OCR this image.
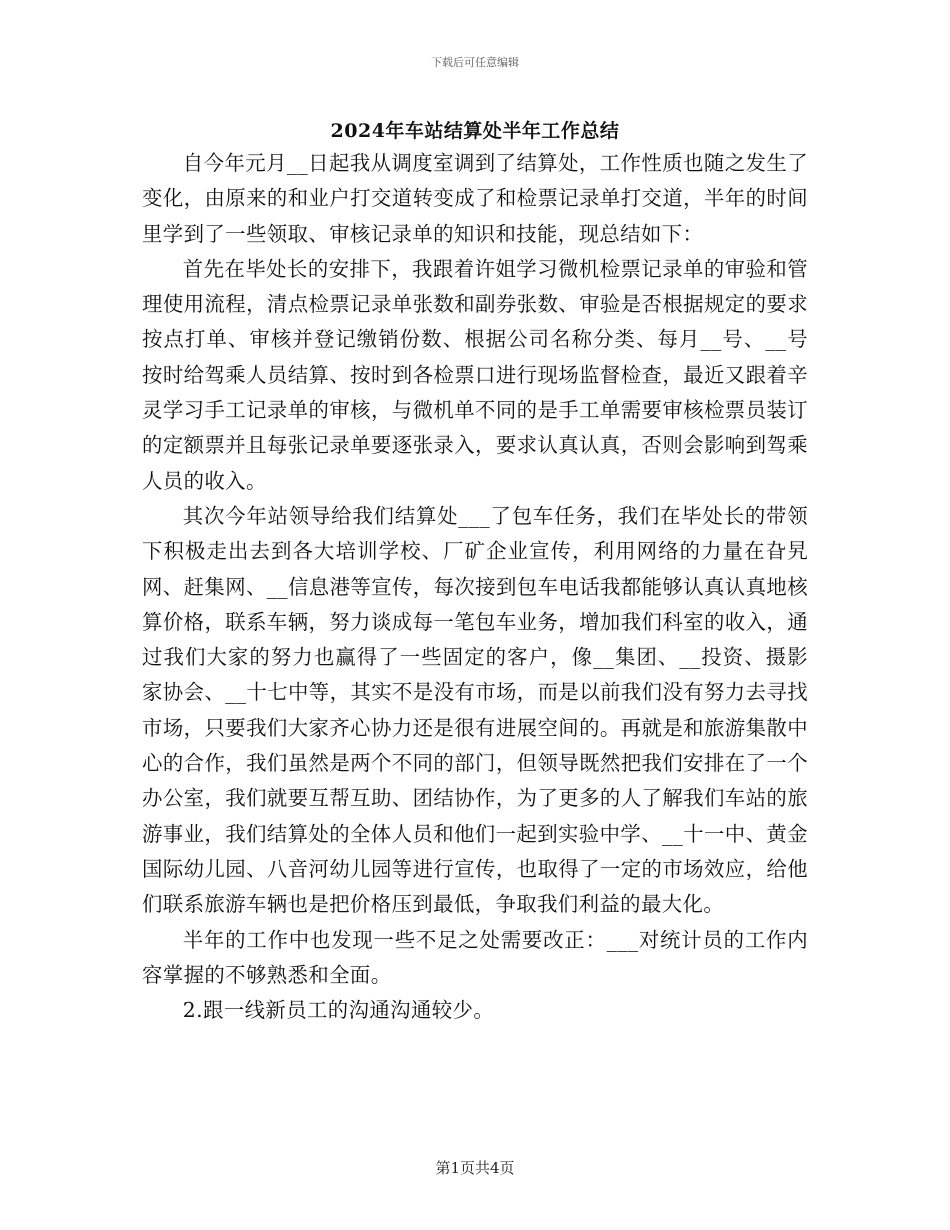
下载后可任意编辑
2024年车站结算处半年工作总结

自今年元月__日起我从调度室调到了结算处，工作性质也随之发生了变化，由原来的和业户打交道转变成了和检票记录单打交道，半年的时间里学到了一些领取、审核记录单的知识和技能，现总结如下：

首先在毕处长的安排下，我跟着许姐学习微机检票记录单的审验和管理使用流程，清点检票记录单张数和副券张数、审验是否根据规定的要求按点打单、审核并登记缴销份数、根据公司名称分类、每月__号、__号按时给驾乘人员结算、按时到各检票口进行现场监督检查，最近又跟着辛灵学习手工记录单的审核，与微机单不同的是手工单需要审核检票员装订的定额票并且每张记录单要逐张录入，要求认真认真，否则会影响到驾乘人员的收入。

其次今年站领导给我们结算处___了包车任务，我们在毕处长的带领下积极走出去到各大培训学校、厂矿企业宣传，利用网络的力量在旮旯网、赶集网、__信息港等宣传，每次接到包车电话我都能够认真认真地核算价格，联系车辆，努力谈成每一笔包车业务，增加我们科室的收入，通过我们大家的努力也赢得了一些固定的客户，像__集团、__投资、摄影家协会、__十七中等，其实不是没有市场，而是以前我们没有努力去寻找市场，只要我们大家齐心协力还是很有进展空间的。再就是和旅游集散中心的合作，我们虽然是两个不同的部门，但领导既然把我们安排在了一个办公室，我们就要互帮互助、团结协作，为了更多的人了解我们车站的旅游事业，我们结算处的全体人员和他们一起到实验中学、__十一中、黄金国际幼儿园、八音河幼儿园等进行宣传，也取得了一定的市场效应，给他们联系旅游车辆也是把价格压到最低，争取我们利益的最大化。

半年的工作中也发现一些不足之处需要改正：___对统计员的工作内容掌握的不够熟悉和全面。

2.跟一线新员工的沟通沟通较少。

第1页共4页
